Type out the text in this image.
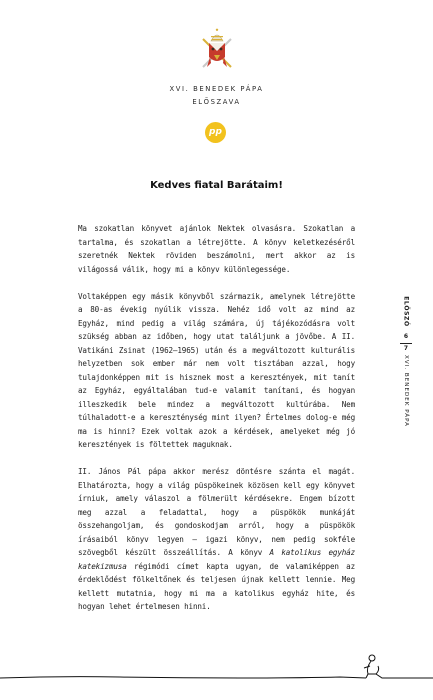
XVI. BENEDEK PÁPA
ELŐSZAVA
pp
Kedves fiatal Barátaim!

Ma szokatlan könyvet ajánlok Nektek olvasásra. Szokatlan a tartalma, és szokatlan a létrejötte. A könyv keletkezéséről szeretnék Nektek röviden beszámolni, mert akkor az is világossá válik, hogy mi a könyv különlegessége.

Voltaképpen egy másik könyvből származik, amelynek létrejötte a 80-as évekig nyúlik vissza. Nehéz idő volt az mind az Egyház, mind pedig a világ számára, új tájékozódásra volt szükség abban az időben, hogy utat találjunk a jövőbe. A II. Vatikáni Zsinat (1962–1965) után és a megváltozott kulturális helyzetben sok ember már nem volt tisztában azzal, hogy tulajdonképpen mit is hisznek most a keresztények, mit tanít az Egyház, egyáltalában tud-e valamit tanítani, és hogyan illeszkedik bele mindez a megváltozott kultúrába. Nem túlhaladott-e a kereszténység mint ilyen? Értelmes dolog-e még ma is hinni? Ezek voltak azok a kérdések, amelyeket még jó keresztények is föltettek maguknak.

II. János Pál pápa akkor merész döntésre szánta el magát. Elhatározta, hogy a világ püspökeinek közösen kell egy könyvet írniuk, amely válaszol a fölmerült kérdésekre. Engem bízott meg azzal a feladattal, hogy a püspökök munkáját összehangoljam, és gondoskodjam arról, hogy a püspökök írásaiból könyv legyen – igazi könyv, nem pedig sokféle szövegből készült összeállítás. A könyv A katolikus egyház katekizmusa régimódi címet kapta ugyan, de valamiképpen az érdeklődést fölkeltőnek és teljesen újnak kellett lennie. Meg kellett mutatnia, hogy mi ma a katolikus egyház hite, és hogyan lehet értelmesen hinni.

ELŐSZÓ
6
7
XVI. BENEDEK PÁPA
